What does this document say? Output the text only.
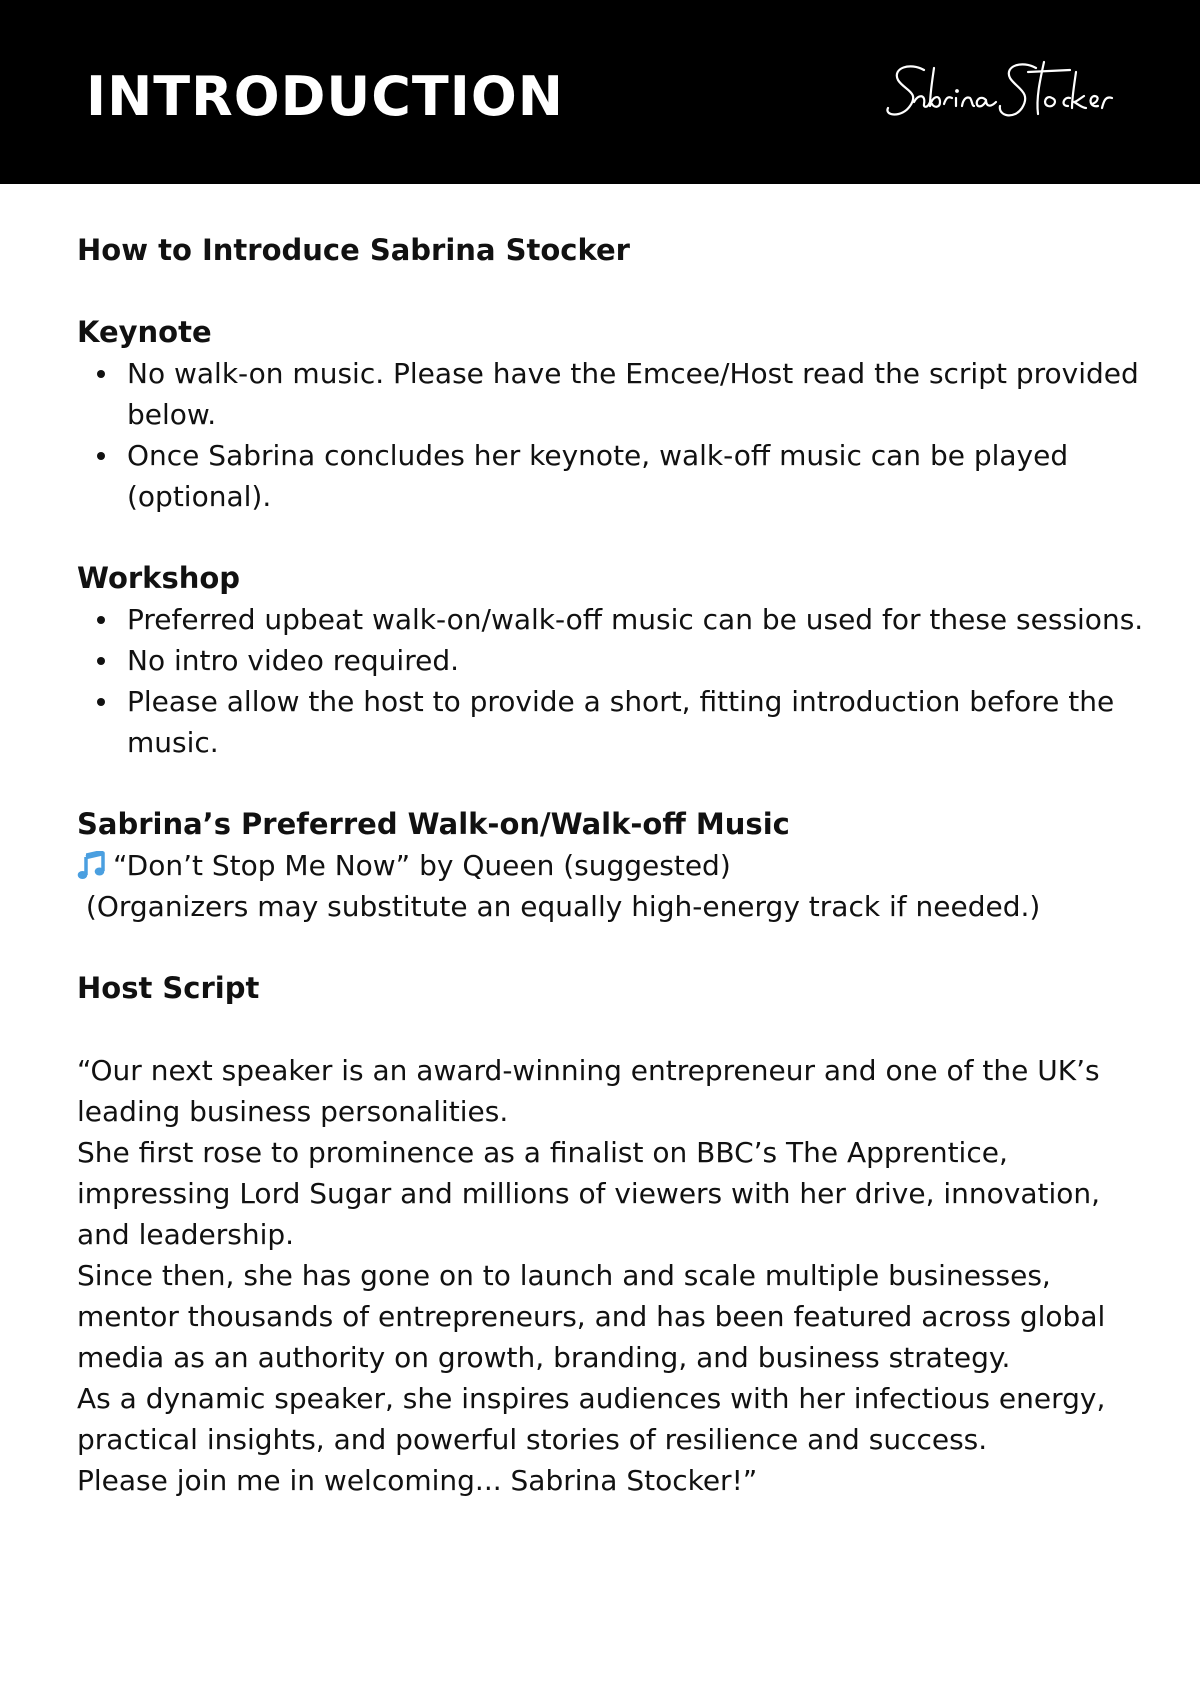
INTRODUCTION
How to Introduce Sabrina Stocker
Keynote
No walk-on music. Please have the Emcee/Host read the script provided below.
Once Sabrina concludes her keynote, walk-off music can be played (optional).
Workshop
Preferred upbeat walk-on/walk-off music can be used for these sessions.
No intro video required.
Please allow the host to provide a short, fitting introduction before the music.
Sabrina’s Preferred Walk-on/Walk-off Music
“Don’t Stop Me Now” by Queen (suggested)

(Organizers may substitute an equally high-energy track if needed.)

Host Script

“Our next speaker is an award-winning entrepreneur and one of the UK’s leading business personalities.

She first rose to prominence as a finalist on BBC’s The Apprentice, impressing Lord Sugar and millions of viewers with her drive, innovation, and leadership.

Since then, she has gone on to launch and scale multiple businesses, mentor thousands of entrepreneurs, and has been featured across global media as an authority on growth, branding, and business strategy.

As a dynamic speaker, she inspires audiences with her infectious energy, practical insights, and powerful stories of resilience and success.

Please join me in welcoming... Sabrina Stocker!”
